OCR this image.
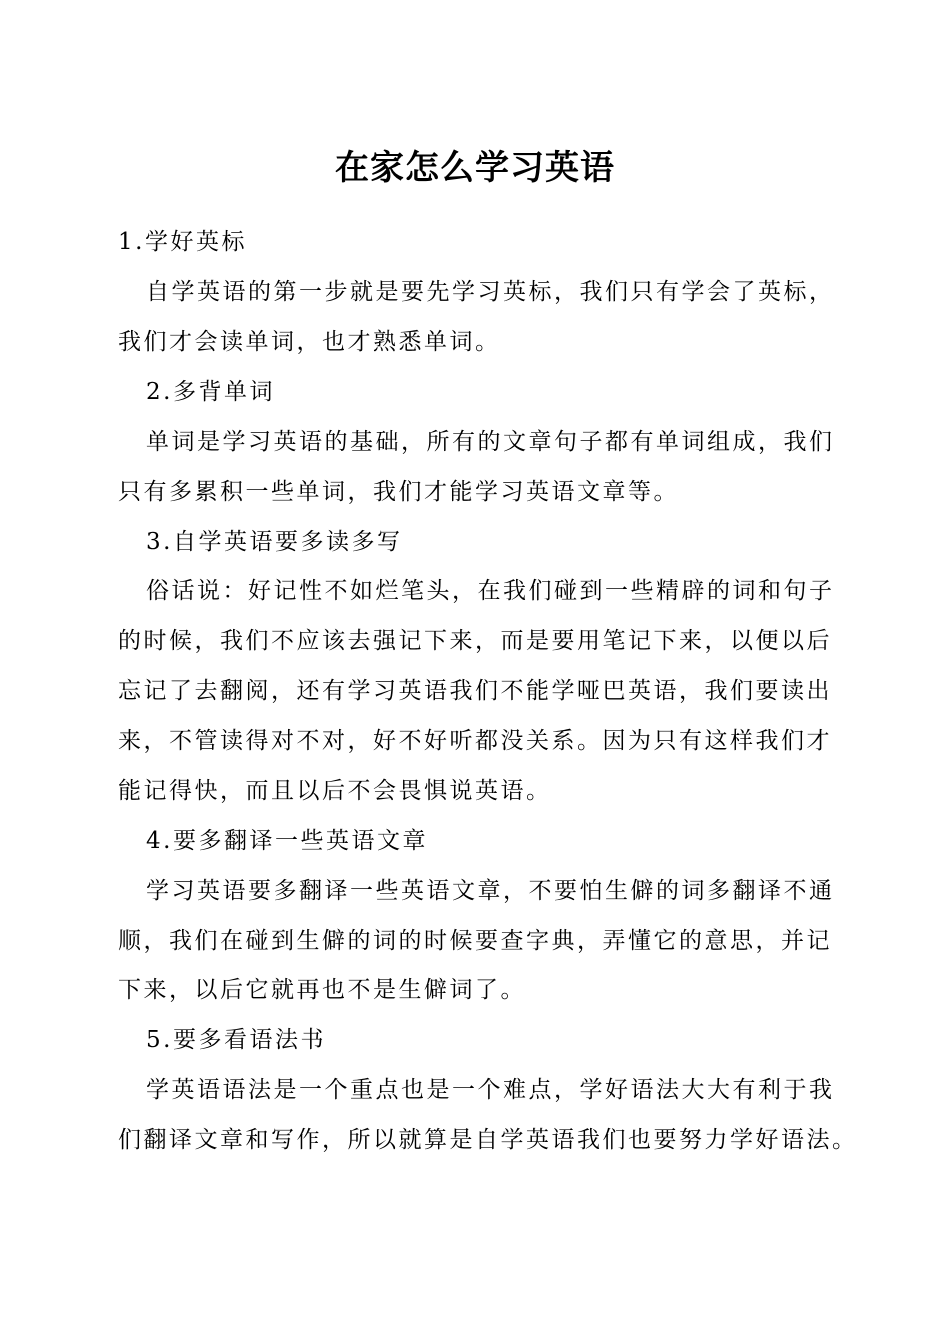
在家怎么学习英语
1.学好英标
自学英语的第一步就是要先学习英标，我们只有学会了英标，
我们才会读单词，也才熟悉单词。
2.多背单词
单词是学习英语的基础，所有的文章句子都有单词组成，我们
只有多累积一些单词，我们才能学习英语文章等。
3.自学英语要多读多写
俗话说：好记性不如烂笔头，在我们碰到一些精辟的词和句子
的时候，我们不应该去强记下来，而是要用笔记下来，以便以后
忘记了去翻阅，还有学习英语我们不能学哑巴英语，我们要读出
来，不管读得对不对，好不好听都没关系。因为只有这样我们才
能记得快，而且以后不会畏惧说英语。
4.要多翻译一些英语文章
学习英语要多翻译一些英语文章，不要怕生僻的词多翻译不通
顺，我们在碰到生僻的词的时候要查字典，弄懂它的意思，并记
下来，以后它就再也不是生僻词了。
5.要多看语法书
学英语语法是一个重点也是一个难点，学好语法大大有利于我
们翻译文章和写作，所以就算是自学英语我们也要努力学好语法。
